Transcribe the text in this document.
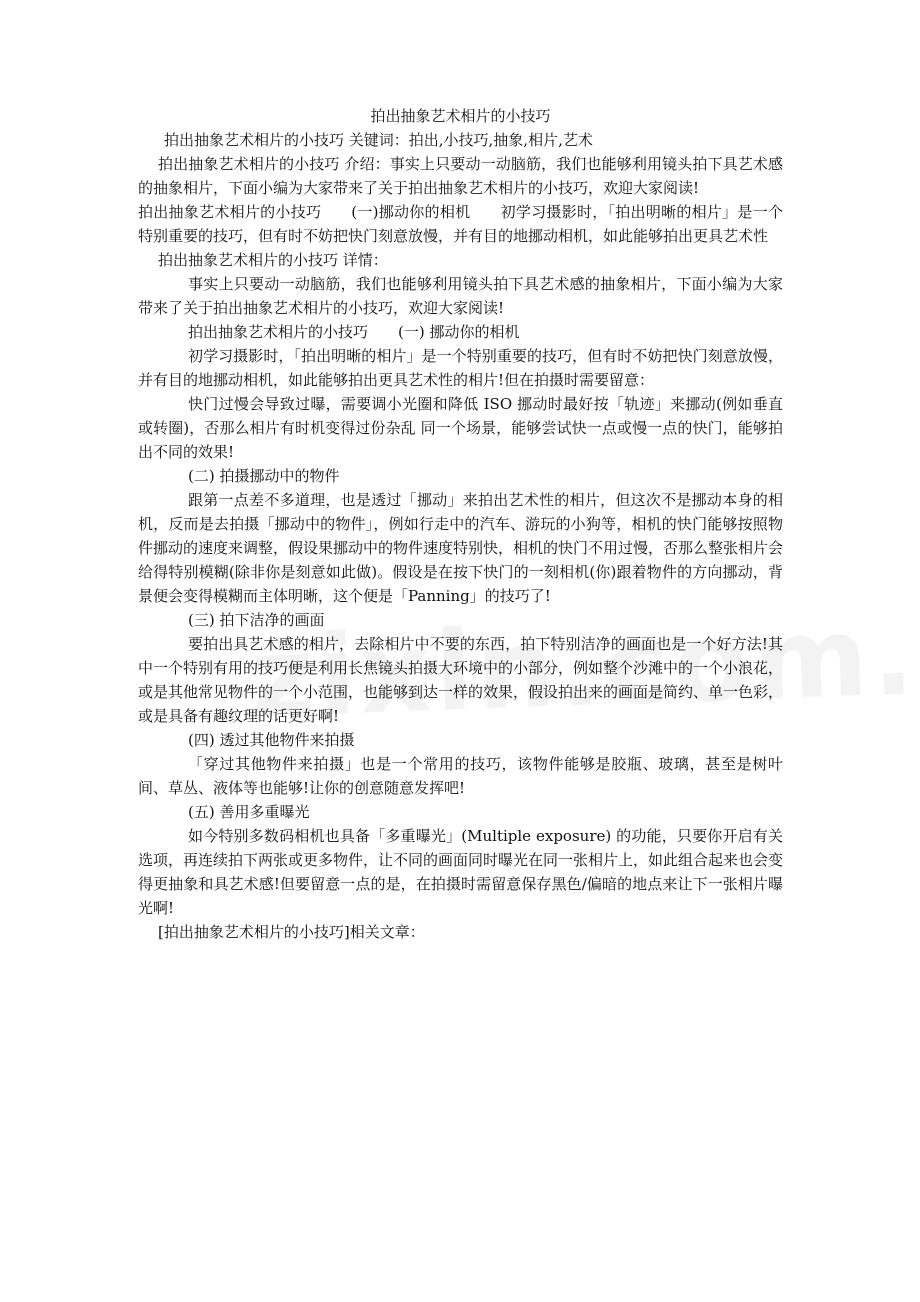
拍出抽象艺术相片的小技巧
拍出抽象艺术相片的小技巧 关键词：拍出,小技巧,抽象,相片,艺术
拍出抽象艺术相片的小技巧 介绍：事实上只要动一动脑筋，我们也能够利用镜头拍下具艺术感的抽象相片，下面小编为大家带来了关于拍出抽象艺术相片的小技巧，欢迎大家阅读!
拍出抽象艺术相片的小技巧 (一)挪动你的相机 初学习摄影时，「拍出明晰的相片」是一个特别重要的技巧，但有时不妨把快门刻意放慢，并有目的地挪动相机，如此能够拍出更具艺术性
拍出抽象艺术相片的小技巧 详情：
事实上只要动一动脑筋，我们也能够利用镜头拍下具艺术感的抽象相片，下面小编为大家带来了关于拍出抽象艺术相片的小技巧，欢迎大家阅读!
拍出抽象艺术相片的小技巧 (一) 挪动你的相机
初学习摄影时，「拍出明晰的相片」是一个特别重要的技巧，但有时不妨把快门刻意放慢，并有目的地挪动相机，如此能够拍出更具艺术性的相片!但在拍摄时需要留意：
快门过慢会导致过曝，需要调小光圈和降低 ISO 挪动时最好按「轨迹」来挪动(例如垂直或转圈)，否那么相片有时机变得过份杂乱 同一个场景，能够尝试快一点或慢一点的快门，能够拍出不同的效果!
(二) 拍摄挪动中的物件
跟第一点差不多道理，也是透过「挪动」来拍出艺术性的相片，但这次不是挪动本身的相机，反而是去拍摄「挪动中的物件」，例如行走中的汽车、游玩的小狗等，相机的快门能够按照物件挪动的速度来调整，假设果挪动中的物件速度特别快，相机的快门不用过慢，否那么整张相片会给得特别模糊(除非你是刻意如此做)。假设是在按下快门的一刻相机(你)跟着物件的方向挪动，背景便会变得模糊而主体明晰，这个便是「Panning」的技巧了!
(三) 拍下洁净的画面
要拍出具艺术感的相片，去除相片中不要的东西，拍下特别洁净的画面也是一个好方法!其中一个特别有用的技巧便是利用长焦镜头拍摄大环境中的小部分，例如整个沙滩中的一个小浪花，或是其他常见物件的一个小范围，也能够到达一样的效果，假设拍出来的画面是简约、单一色彩，或是具备有趣纹理的话更好啊!
(四) 透过其他物件来拍摄
「穿过其他物件来拍摄」也是一个常用的技巧，该物件能够是胶瓶、玻璃，甚至是树叶间、草丛、液体等也能够!让你的创意随意发挥吧!
(五) 善用多重曝光
如今特别多数码相机也具备「多重曝光」(Multiple exposure) 的功能，只要你开启有关选项，再连续拍下两张或更多物件，让不同的画面同时曝光在同一张相片上，如此组合起来也会变得更抽象和具艺术感!但要留意一点的是，在拍摄时需留意保存黑色/偏暗的地点来让下一张相片曝光啊!
[拍出抽象艺术相片的小技巧]相关文章：
